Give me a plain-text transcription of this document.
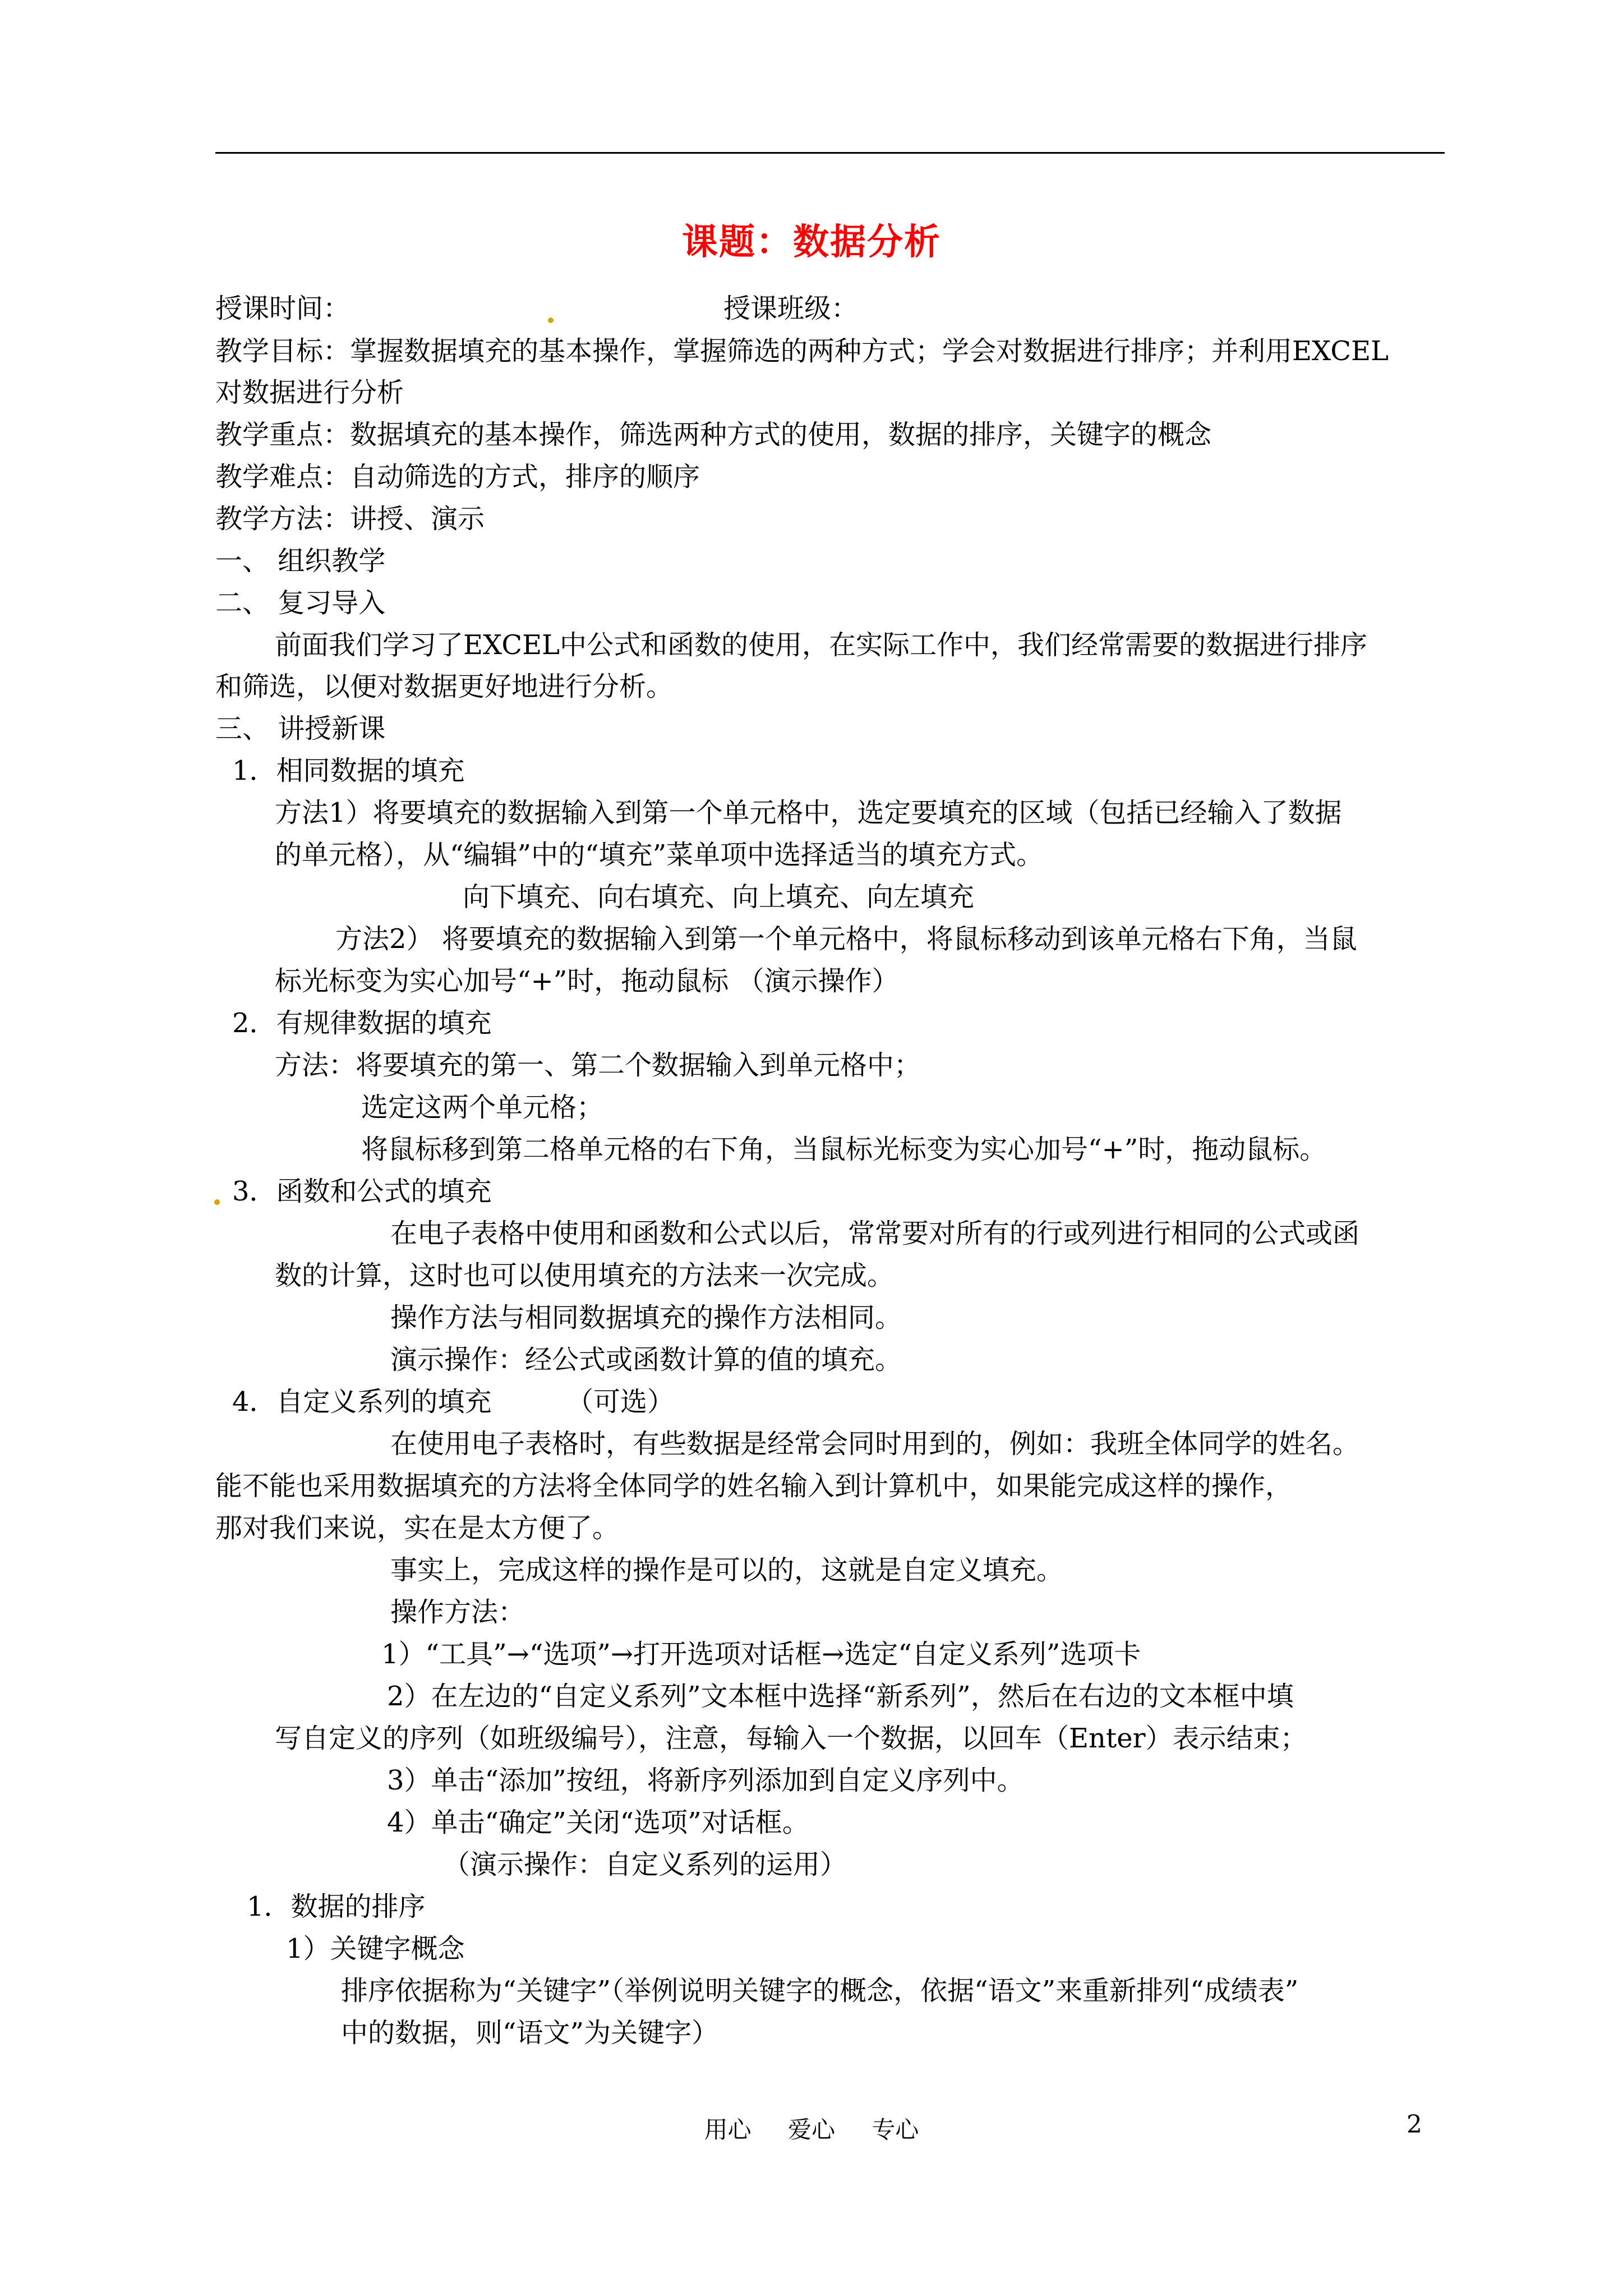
课题：数据分析
授课时间：	授课班级：
教学目标：掌握数据填充的基本操作，掌握筛选的两种方式；学会对数据进行排序；并利用EXCEL
对数据进行分析
教学重点：数据填充的基本操作，筛选两种方式的使用，数据的排序，关键字的概念
教学难点：自动筛选的方式，排序的顺序
教学方法：讲授、演示
一、 组织教学
二、 复习导入
前面我们学习了EXCEL中公式和函数的使用，在实际工作中，我们经常需要的数据进行排序
和筛选，以便对数据更好地进行分析。
三、 讲授新课
1．相同数据的填充
方法1）将要填充的数据输入到第一个单元格中，选定要填充的区域（包括已经输入了数据
的单元格），从“编辑”中的“填充”菜单项中选择适当的填充方式。
向下填充、向右填充、向上填充、向左填充
方法2） 将要填充的数据输入到第一个单元格中，将鼠标移动到该单元格右下角，当鼠
标光标变为实心加号“+”时，拖动鼠标 （演示操作）
2．有规律数据的填充
方法：将要填充的第一、第二个数据输入到单元格中；
选定这两个单元格；
将鼠标移到第二格单元格的右下角，当鼠标光标变为实心加号“+”时，拖动鼠标。
3．函数和公式的填充
在电子表格中使用和函数和公式以后，常常要对所有的行或列进行相同的公式或函
数的计算，这时也可以使用填充的方法来一次完成。
操作方法与相同数据填充的操作方法相同。
演示操作：经公式或函数计算的值的填充。
4．自定义系列的填充	（可选）
在使用电子表格时，有些数据是经常会同时用到的，例如：我班全体同学的姓名。
能不能也采用数据填充的方法将全体同学的姓名输入到计算机中，如果能完成这样的操作，
那对我们来说，实在是太方便了。
事实上，完成这样的操作是可以的，这就是自定义填充。
操作方法：
1）“工具”→“选项”→打开选项对话框→选定“自定义系列”选项卡
2）在左边的“自定义系列”文本框中选择“新系列”，然后在右边的文本框中填
写自定义的序列（如班级编号），注意，每输入一个数据，以回车（Enter）表示结束；
3）单击“添加”按纽，将新序列添加到自定义序列中。
4）单击“确定”关闭“选项”对话框。
（演示操作：自定义系列的运用）
1．数据的排序
1）关键字概念
排序依据称为“关键字”（举例说明关键字的概念，依据“语文”来重新排列“成绩表”
中的数据，则“语文”为关键字）
用心 爱心 专心	2
